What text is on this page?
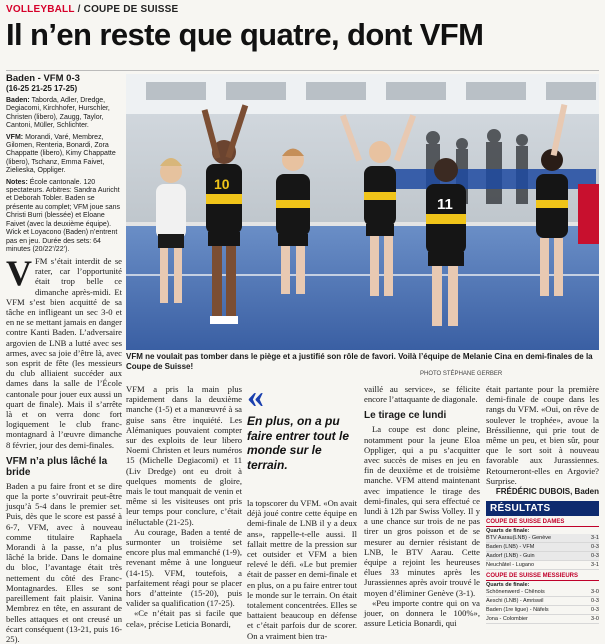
VOLLEYBALL / COUPE DE SUISSE
Il n’en reste que quatre, dont VFM
Baden - VFM 0-3
(16-25 21-25 17-25)

Baden: Taborda, Adler, Dredge, Degiacomi, Kirchhofer, Hurschler, Christen (libero), Zaugg, Taylor, Cantoni, Müller, Schlichter.

VFM: Morandi, Varé, Membrez, Gilomen, Renteria, Bonardi, Zora Chappatte (libero), Kimy Chappatte (libero), Tschanz, Emma Faivet, Zielieska, Oppliger.

Notes: École cantonale. 120 spectateurs. Arbitres: Sandra Auricht et Deborah Tobler. Baden se présente au complet; VFM joue sans Christi Burri (blessée) et Eloane Faivet (avec la deuxième équipe). Wick et Loyacono (Baden) n’entrent pas en jeu. Durée des sets: 64 minutes (20/22’/22’).

10
11
VFM ne voulait pas tomber dans le piège et a justifié son rôle de favori. Voilà l’équipe de Melanie Cina en demi-finales de la Coupe de Suisse!
PHOTO STÉPHANE GERBER

VFM s’était interdit de se rater, car l’opportunité était trop belle ce dimanche après-midi. Et VFM s’est bien acquitté de sa tâche en infligeant un sec 3-0 et en ne se mettant jamais en danger contre Kanti Baden. L’adversaire argovien de LNB a lutté avec ses armes, avec sa joie d’être là, avec son esprit de fête (les messieurs du club alliaient succéder aux dames dans la salle de l’École cantonale pour jouer eux aussi un quart de finale). Mais il s’arrête là et on verra donc fort logiquement le club franc-montagnard à l’œuvre dimanche 8 février, jour des demi-finales.

VFM n’a plus lâché la bride

Baden a pu faire front et se dire que la porte s’ouvrirait peut-être jusqu’à 5-4 dans le premier set. Puis, dès que le score est passé à 6-7, VFM, avec à nouveau comme titulaire Raphaela Morandi à la passe, n’a plus lâché la bride. Dans le domaine du bloc, l’avantage était très nettement du côté des Franc-Montagnardes. Elles se sont pareillement fait plaisir. Vanina Membrez en tête, en assurant de belles attaques et ont creusé un écart conséquent (13-21, puis 16-25).

VFM a pris la main plus rapidement dans la deuxième manche (1-5) et a manœuvré à sa guise sans être inquiété. Les Alémaniques pouvaient compter sur des exploits de leur libero Noemi Christen et leurs numéros 15 (Michelle Degiacomi) et 11 (Liv Dredge) ont eu droit à quelques moments de gloire, mais le tout manquait de venin et même si les visiteuses ont pris leur temps pour conclure, c’était inéluctable (21-25).

Au courage, Baden a tenté de surmonter un troisième set encore plus mal emmanché (1-9), revenant même à une longueur (14-15). VFM, toutefois, a parfaitement réagi pour se placer hors d’atteinte (15-20), puis valider sa qualification (17-25).

«Ce n’était pas si facile que cela», précise Leticia Bonardi,

«
En plus, on a pu faire entrer tout le monde sur le terrain.

la topscorer du VFM. «On avait déjà joué contre cette équipe en demi-finale de LNB il y a deux ans», rappelle-t-elle aussi. Il fallait mettre de la pression sur cet outsider et VFM a bien relevé le défi. «Le but premier était de passer en demi-finale et en plus, on a pu faire entrer tout le monde sur le terrain. On était totalement concentrées. Elles se battaient beaucoup en défense et c’était parfois dur de scorer. On a vraiment bien tra-

vaillé au service», se félicite encore l’attaquante de diagonale.

Le tirage ce lundi

La coupe est donc pleine, notamment pour la jeune Eloa Oppliger, qui a pu s’acquitter avec succès de mises en jeu en fin de deuxième et de troisième manche. VFM attend maintenant avec impatience le tirage des demi-finales, qui sera effectué ce lundi à 12h par Swiss Volley. Il y a une chance sur trois de ne pas tirer un gros poisson et de se mesurer au dernier résistant de LNB, le BTV Aarau. Cette équipe a rejoint les heureuses élues 33 minutes après les Jurassiennes après avoir trouvé le moyen d’éliminer Genève (3-1).

«Peu importe contre qui on va jouer, on donnera le 100%», assure Leticia Bonardi, qui

était partante pour la première demi-finale de coupe dans les rangs du VFM. «Oui, on rêve de soulever le trophée», avoue la Bréssilienne, qui prie tout de même un peu, et bien sûr, pour que le sort soit à nouveau favorable aux Jurassiennes. Retourneront-elles en Argovie? Surprise.

FRÉDÉRIC DUBOIS, Baden
RÉSULTATS
COUPE DE SUISSE DAMES
Quarts de finale:
BTV Aarau(LNB) - Genève	3-1
Baden (LNB) - VFM	0-3
Aadorf (LNB) - Guin	0-3
Neuchâtel - Lugano	3-1
COUPE DE SUISSE MESSIEURS
Quarts de finale:
Schönenwerd - Chênois	3-0
Aeschi (LNB) - Amriswil	0-3
Baden (1re ligue) - Näfels	0-3
Jona - Colombier	3-0
